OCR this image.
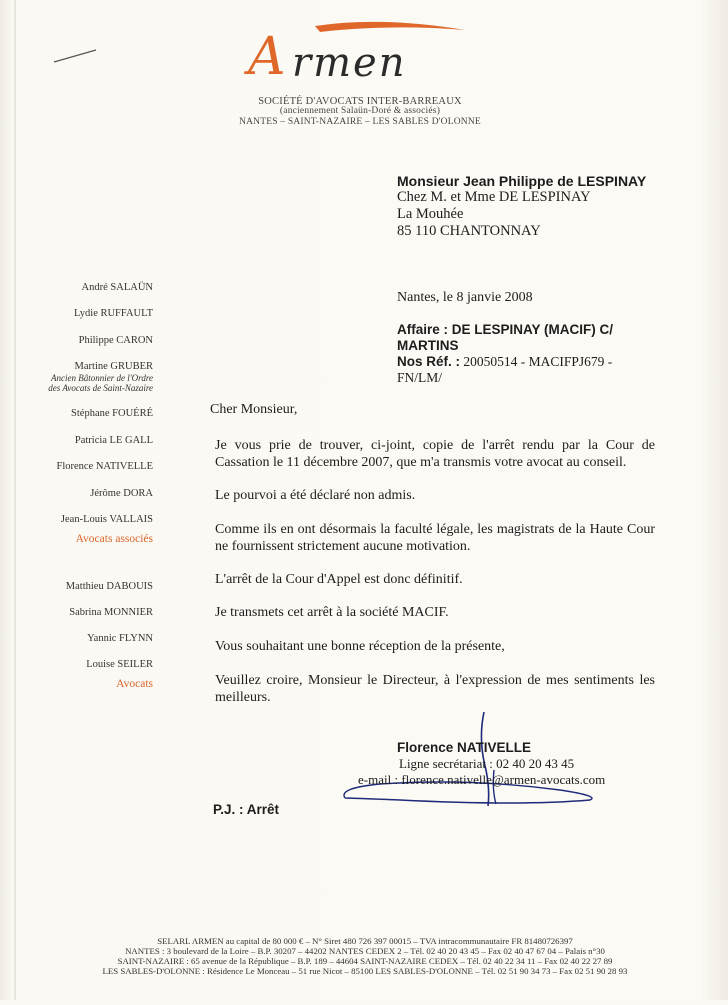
A rmen
SOCIÉTÉ D'AVOCATS INTER-BARREAUX
(anciennement Salaün-Doré & associés)
NANTES – SAINT-NAZAIRE – LES SABLES D'OLONNE
Monsieur Jean Philippe de LESPINAY
Chez M. et Mme DE LESPINAY
La Mouhée
85 110 CHANTONNAY
André SALAÜN
Lydie RUFFAULT
Philippe CARON
Martine GRUBER
Ancien Bâtonnier de l'Ordre
des Avocats de Saint-Nazaire
Stéphane FOUÉRÉ
Patricia LE GALL
Florence NATIVELLE
Jérôme DORA
Jean-Louis VALLAIS
Avocats associés
Matthieu DABOUIS
Sabrina MONNIER
Yannic FLYNN
Louise SEILER
Avocats
Nantes, le 8 janvie 2008
Affaire : DE LESPINAY (MACIF) C/
MARTINS
Nos Réf. : 20050514 - MACIFPJ679 -
FN/LM/
Cher Monsieur,
Je vous prie de trouver, ci-joint, copie de l'arrêt rendu par la Cour de Cassation le 11 décembre 2007, que m'a transmis votre avocat au conseil.
Le pourvoi a été déclaré non admis.
Comme ils en ont désormais la faculté légale, les magistrats de la Haute Cour ne fournissent strictement aucune motivation.
L'arrêt de la Cour d'Appel est donc définitif.
Je transmets cet arrêt à la société MACIF.
Vous souhaitant une bonne réception de la présente,
Veuillez croire, Monsieur le Directeur, à l'expression de mes sentiments les meilleurs.
Florence NATIVELLE
Ligne secrétariat : 02 40 20 43 45
e-mail : florence.nativelle@armen-avocats.com
P.J. : Arrêt
SELARL ARMEN au capital de 80 000 € – N° Siret 480 726 397 00015 – TVA intracommunautaire FR 81480726397
NANTES : 3 boulevard de la Loire – B.P. 30207 – 44202 NANTES CEDEX 2 – Tél. 02 40 20 43 45 – Fax 02 40 47 67 04 – Palais n°30
SAINT-NAZAIRE : 65 avenue de la République – B.P. 189 – 44604 SAINT-NAZAIRE CEDEX – Tél. 02 40 22 34 11 – Fax 02 40 22 27 89
LES SABLES-D'OLONNE : Résidence Le Monceau – 51 rue Nicot – 85100 LES SABLES-D'OLONNE – Tél. 02 51 90 34 73 – Fax 02 51 90 28 93
